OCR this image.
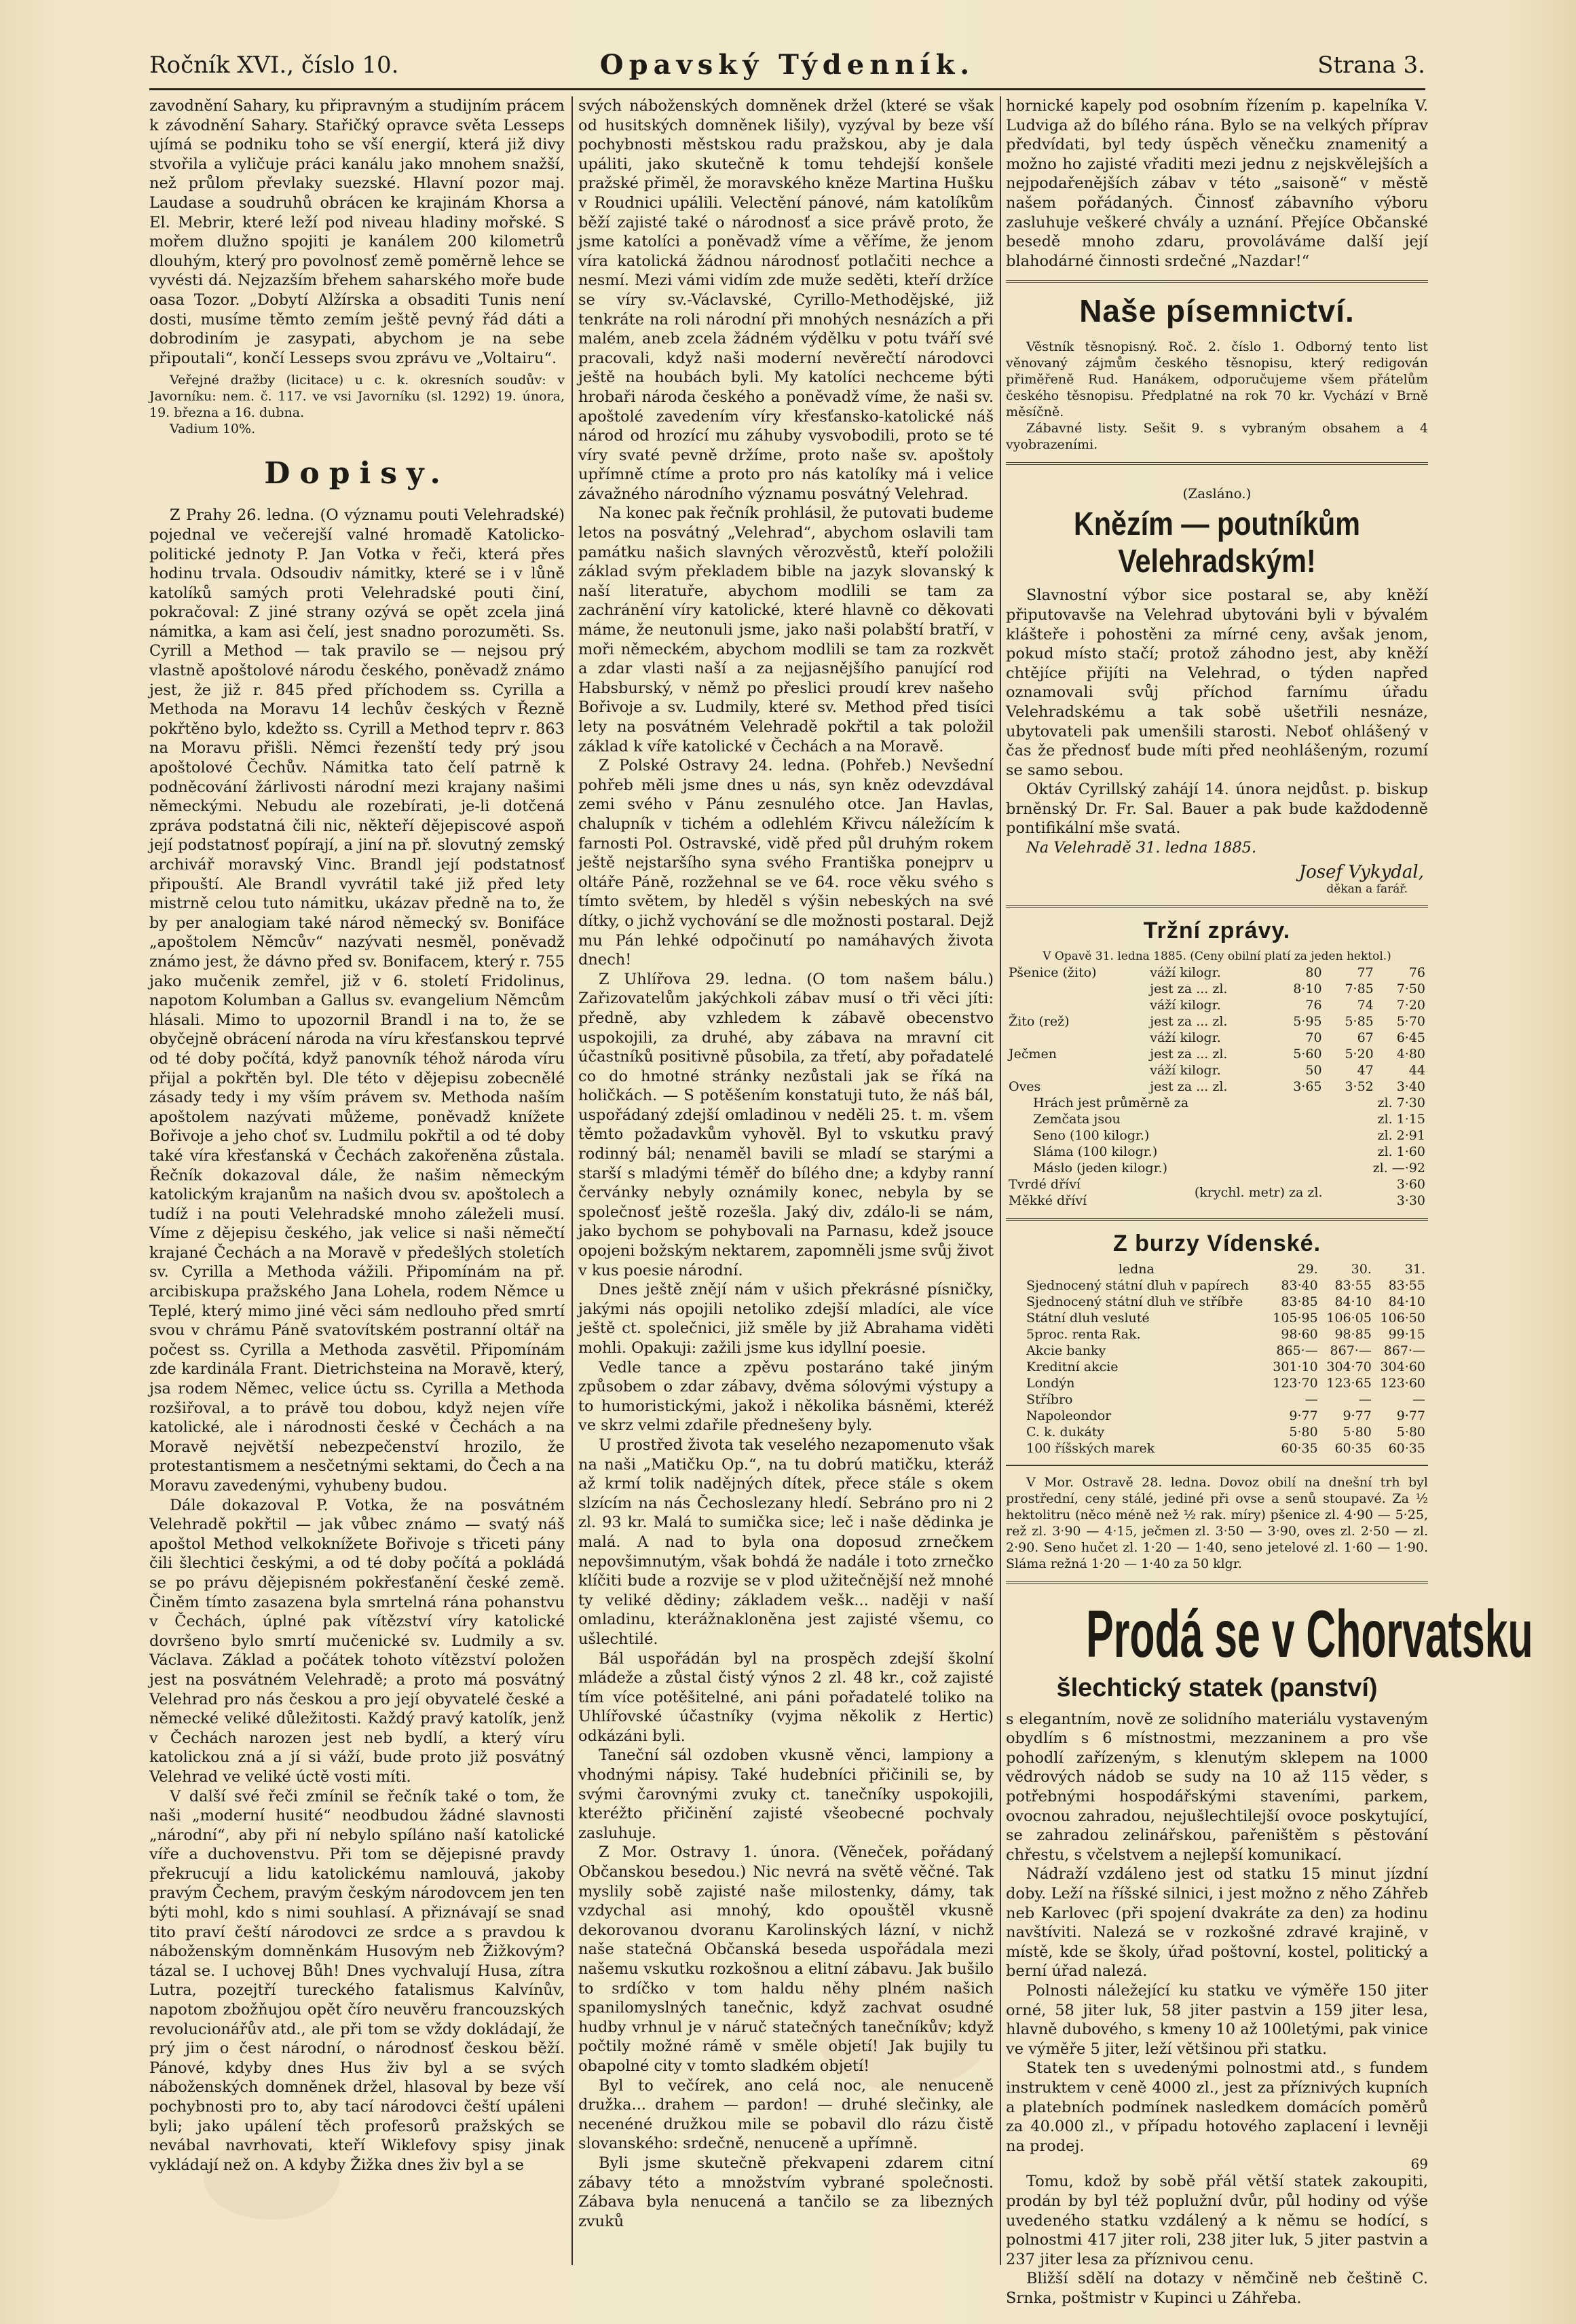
Ročník XVI., číslo 10.	Opavský Týdenník.	Strana 3.

zavodnění Sahary, ku připravným a studijním prácem k závodnění Sahary. Stařičký opravce světa Lesseps ujímá se podniku toho se vší energií, která již divy stvořila a vyličuje práci kanálu jako mnohem snažší, než průlom převlaky suezské. Hlavní pozor maj. Laudase a soudruhů obrácen ke krajinám Khorsa a El. Mebrir, které leží pod niveau hladiny mořské. S mořem dlužno spojiti je kanálem 200 kilometrů dlouhým, který pro povolnosť země poměrně lehce se vyvésti dá. Nejzazším břehem saharského moře bude oasa Tozor. „Dobytí Alžírska a obsaditi Tunis není dosti, musíme těmto zemím ještě pevný řád dáti a dobrodiním je zasypati, abychom je na sebe připoutali“, končí Lesseps svou zprávu ve „Voltairu“.

Veřejné dražby (licitace) u c. k. okresních soudův: v Javorníku: nem. č. 117. ve vsi Javorníku (sl. 1292) 19. února, 19. března a 16. dubna.

Vadium 10%.

Dopisy.

Z Prahy 26. ledna. (O významu pouti Velehradské) pojednal ve večerejší valné hromadě Katolicko-politické jednoty P. Jan Votka v řeči, která přes hodinu trvala. Odsoudiv námitky, které se i v lůně katolíků samých proti Velehradské pouti činí, pokračoval: Z jiné strany ozývá se opět zcela jiná námitka, a kam asi čelí, jest snadno porozuměti. Ss. Cyrill a Method — tak pravilo se — nejsou prý vlastně apoštolové národu českého, poněvadž známo jest, že již r. 845 před příchodem ss. Cyrilla a Methoda na Moravu 14 lechův českých v Řezně pokřtěno bylo, kdežto ss. Cyrill a Method teprv r. 863 na Moravu přišli. Němci řezenští tedy prý jsou apoštolové Čechův. Námitka tato čelí patrně k podněcování žárlivosti národní mezi krajany našimi německými. Nebudu ale rozebírati, je-li dotčená zpráva podstatná čili nic, někteří dějepiscové aspoň její podstatnosť popírají, a jiní na př. slovutný zemský archivář moravský Vinc. Brandl její podstatnosť připouští. Ale Brandl vyvrátil také již před lety mistrně celou tuto námitku, ukázav předně na to, že by per analogiam také národ německý sv. Bonifáce „apoštolem Němcův“ nazývati nesměl, poněvadž známo jest, že dávno před sv. Bonifacem, který r. 755 jako mučenik zemřel, již v 6. století Fridolinus, napotom Kolumban a Gallus sv. evangelium Němcům hlásali. Mimo to upozornil Brandl i na to, že se obyčejně obrácení národa na víru křesťanskou teprvé od té doby počítá, když panovník téhož národa víru přijal a pokřtěn byl. Dle této v dějepisu zobecnělé zásady tedy i my vším právem sv. Methoda naším apoštolem nazývati můžeme, poněvadž knížete Bořivoje a jeho choť sv. Ludmilu pokřtil a od té doby také víra křesťanská v Čechách zakořeněna zůstala. Řečník dokazoval dále, že našim německým katolickým krajanům na našich dvou sv. apoštolech a tudíž i na pouti Velehradské mnoho záleželi musí. Víme z dějepisu českého, jak velice si naši němečtí krajané Čechách a na Moravě v předešlých stoletích sv. Cyrilla a Methoda vážili. Připomínám na př. arcibiskupa pražského Jana Lohela, rodem Němce u Teplé, který mimo jiné věci sám nedlouho před smrtí svou v chrámu Páně svatovítském postranní oltář na počest ss. Cyrilla a Methoda zasvětil. Připomínám zde kardinála Frant. Dietrichsteina na Moravě, který, jsa rodem Němec, velice úctu ss. Cyrilla a Methoda rozšiřoval, a to právě tou dobou, když nejen víře katolické, ale i národnosti české v Čechách a na Moravě největší nebezpečenství hrozilo, že protestantismem a nesčetnými sektami, do Čech a na Moravu zavedenými, vyhubeny budou.

Dále dokazoval P. Votka, že na posvátném Velehradě pokřtil — jak vůbec známo — svatý náš apoštol Method velkoknížete Bořivoje s třiceti pány čili šlechtici českými, a od té doby počítá a pokládá se po právu dějepisném pokřesťanění české země. Činěm tímto zasazena byla smrtelná rána pohanstvu v Čechách, úplné pak vítězství víry katolické dovršeno bylo smrtí mučenické sv. Ludmily a sv. Václava. Základ a počátek tohoto vítězství položen jest na posvátném Velehradě; a proto má posvátný Velehrad pro nás českou a pro její obyvatelé české a německé veliké důležitosti. Každý pravý katolík, jenž v Čechách narozen jest neb bydlí, a který víru katolickou zná a jí si váží, bude proto již posvátný Velehrad ve veliké úctě vosti míti.

V další své řeči zmínil se řečník také o tom, že naši „moderní husité“ neodbudou žádné slavnosti „národní“, aby při ní nebylo spíláno naší katolické víře a duchovenstvu. Při tom se dějepisné pravdy překrucují a lidu katolickému namlouvá, jakoby pravým Čechem, pravým českým národovcem jen ten býti mohl, kdo s nimi souhlasí. A přiznávají se snad tito praví čeští národovci ze srdce a s pravdou k náboženským domněnkám Husovým neb Žižkovým? tázal se. I uchovej Bůh! Dnes vychvalují Husa, zítra Lutra, pozejtří tureckého fatalismus Kalvínův, napotom zbožňujou opět číro neuvěru francouzských revolucionářův atd., ale při tom se vždy dokládají, že prý jim o čest národní, o národnosť českou běží. Pánové, kdyby dnes Hus živ byl a se svých náboženských domněnek držel, hlasoval by beze vší pochybnosti pro to, aby tací národovci čeští upáleni byli; jako upálení těch profesorů pražských se nevábal navrhovati, kteří Wiklefovy spisy jinak vykládají než on. A kdyby Žižka dnes živ byl a se

svých náboženských domněnek držel (které se však od husitských domněnek lišily), vyzýval by beze vší pochybnosti městskou radu pražskou, aby je dala upáliti, jako skutečně k tomu tehdejší konšele pražské přiměl, že moravského kněze Martina Hušku v Roudnici upálili. Velectění pánové, nám katolíkům běží zajisté také o národnosť a sice právě proto, že jsme katolíci a poněvadž víme a věříme, že jenom víra katolická žádnou národnosť potlačiti nechce a nesmí. Mezi vámi vidím zde muže seděti, kteří držíce se víry sv.-Václavské, Cyrillo-Methodějské, již tenkráte na roli národní při mnohých nesnázích a při malém, aneb zcela žádném výdělku v potu tváří své pracovali, když naši moderní nevěrečtí národovci ještě na houbách byli. My katolíci nechceme býti hrobaři národa českého a poněvadž víme, že naši sv. apoštolé zavedením víry křesťansko-katolické náš národ od hrozící mu záhuby vysvobodili, proto se té víry svaté pevně držíme, proto naše sv. apoštoly upřímně ctíme a proto pro nás katolíky má i velice závažného národního významu posvátný Velehrad.

Na konec pak řečník prohlásil, že putovati budeme letos na posvátný „Velehrad“, abychom oslavili tam památku našich slavných věrozvěstů, kteří položili základ svým překladem bible na jazyk slovanský k naší literatuře, abychom modlili se tam za zachránění víry katolické, které hlavně co děkovati máme, že neutonuli jsme, jako naši polabští bratří, v moři německém, abychom modlili se tam za rozkvět a zdar vlasti naší a za nejjasnějšího panující rod Habsburský, v němž po přeslici proudí krev našeho Bořivoje a sv. Ludmily, které sv. Method před tisíci lety na posvátném Velehradě pokřtil a tak položil základ k víře katolické v Čechách a na Moravě.

Z Polské Ostravy 24. ledna. (Pohřeb.) Nevšední pohřeb měli jsme dnes u nás, syn kněz odevzdával zemi svého v Pánu zesnulého otce. Jan Havlas, chalupník v tichém a odlehlém Křivcu náležícím k farnosti Pol. Ostravské, vidě před půl druhým rokem ještě nejstaršího syna svého Františka ponejprv u oltáře Páně, rozžehnal se ve 64. roce věku svého s tímto světem, by hleděl s výšin nebeských na své dítky, o jichž vychování se dle možnosti postaral. Dejž mu Pán lehké odpočinutí po namáhavých života dnech!

Z Uhlířova 29. ledna. (O tom našem bálu.) Zařizovatelům jakýchkoli zábav musí o tři věci jíti: předně, aby vzhledem k zábavě obecenstvo uspokojili, za druhé, aby zábava na mravní cit účastníků positivně působila, za třetí, aby pořadatelé co do hmotné stránky nezůstali jak se říká na holičkách. — S potěšením konstatuji tuto, že náš bál, uspořádaný zdejší omladinou v neděli 25. t. m. všem těmto požadavkům vyhověl. Byl to vskutku pravý rodinný bál; nenaměl bavili se mladí se starými a starší s mladými téměř do bílého dne; a kdyby ranní červánky nebyly oznámily konec, nebyla by se společnosť ještě rozešla. Jaký div, zdálo-li se nám, jako bychom se pohybovali na Parnasu, kdež jsouce opojeni božským nektarem, zapomněli jsme svůj život v kus poesie národní.

Dnes ještě znějí nám v ušich překrásné písničky, jakými nás opojili netoliko zdejší mladíci, ale více ještě ct. společnici, již směle by již Abrahama viděti mohli. Opakuji: zažili jsme kus idyllní poesie.

Vedle tance a zpěvu postaráno také jiným způsobem o zdar zábavy, dvěma sólovými výstupy a to humoristickými, jakož i několika básněmi, kteréž ve skrz velmi zdařile přednešeny byly.

U prostřed života tak veselého nezapomenuto však na naši „Matičku Op.“, na tu dobrú matičku, kteráž až krmí tolik nadějných dítek, přece stále s okem slzícím na nás Čechoslezany hledí. Sebráno pro ni 2 zl. 93 kr. Malá to sumička sice; leč i naše dědinka je malá. A nad to byla ona doposud zrnečkem nepovšimnutým, však bohdá že nadále i toto zrnečko klíčiti bude a rozvije se v plod užitečnější než mnohé ty veliké dědiny; základem vešk... naději v naší omladinu, kterážnakloněna jest zajisté všemu, co ušlechtilé.

Bál uspořádán byl na prospěch zdejší školní mládeže a zůstal čistý výnos 2 zl. 48 kr., což zajisté tím více potěšitelné, ani páni pořadatelé toliko na Uhlířovské účastníky (vyjma několik z Hertic) odkázáni byli.

Taneční sál ozdoben vkusně věnci, lampiony a vhodnými nápisy. Také hudebníci přičinili se, by svými čarovnými zvuky ct. tanečníky uspokojili, kteréžto přičinění zajisté všeobecné pochvaly zasluhuje.

Z Mor. Ostravy 1. února. (Věneček, pořádaný Občanskou besedou.) Nic nevrá na světě věčné. Tak myslily sobě zajisté naše milostenky, dámy, tak vzdychal asi mnohý, kdo opouštěl vkusně dekorovanou dvoranu Karolinských lázní, v nichž naše statečná Občanská beseda uspořádala mezi našemu vskutku rozkošnou a elitní zábavu. Jak bušilo to srdíčko v tom haldu něhy plném našich spanilomyslných tanečnic, když zachvat osudné hudby vrhnul je v náruč statečných tanečníkův; když počtily možné rámě v směle objetí! Jak bujily tu obapolné city v tomto sladkém objetí!

Byl to večírek, ano celá noc, ale nenuceně družka... drahem — pardon! — druhé slečinky, ale necenéné družkou mile se pobavil dlo rázu čistě slovanského: srdečně, nenuceně a upřímně.

Byli jsme skutečně překvapeni zdarem citní zábavy této a množstvím vybrané společnosti. Zábava byla nenucená a tančilo se za libezných zvuků

hornické kapely pod osobním řízením p. kapelníka V. Ludviga až do bílého rána. Bylo se na velkých příprav předvídati, byl tedy úspěch věnečku znamenitý a možno ho zajisté vřaditi mezi jednu z nejskvělejších a nejpodařenějších zábav v této „saisoně“ v městě našem pořádaných. Činnosť zábavního výboru zasluhuje veškeré chvály a uznání. Přejíce Občanské besedě mnoho zdaru, provoláváme další její blahodárné činnosti srdečné „Nazdar!“

Naše písemnictví.

Věstník těsnopisný. Roč. 2. číslo 1. Odborný tento list věnovaný zájmům českého těsnopisu, který redigován přiměřeně Rud. Hanákem, odporučujeme všem přátelům českého těsnopisu. Předplatné na rok 70 kr. Vychází v Brně měsíčně.

Zábavné listy. Sešit 9. s vybraným obsahem a 4 vyobrazeními.

(Zasláno.)
Knězím — poutníkům Velehradským!

Slavnostní výbor sice postaral se, aby kněží připutovavše na Velehrad ubytováni byli v bývalém klášteře i pohostěni za mírné ceny, avšak jenom, pokud místo stačí; protož záhodno jest, aby kněží chtějíce přijíti na Velehrad, o týden napřed oznamovali svůj příchod farnímu úřadu Velehradskému a tak sobě ušetřili nesnáze, ubytovateli pak umenšili starosti. Neboť ohlášený v čas že přednosť bude míti před neohlášeným, rozumí se samo sebou.

Oktáv Cyrillský zahájí 14. února nejdůst. p. biskup brněnský Dr. Fr. Sal. Bauer a pak bude každodenně pontifikální mše svatá.

Na Velehradě 31. ledna 1885.

Josef Vykydal,
děkan a farář.
Tržní zprávy.
V Opavě 31. ledna 1885. (Ceny obilní platí za jeden hektol.)
Pšenice (žito)	váží kilogr.	80	77	76
	jest za ... zl.	8·10	7·85	7·50
	váží kilogr.	76	74	7·20
Žito (rež)	jest za ... zl.	5·95	5·85	5·70
	váží kilogr.	70	67	6·45
Ječmen	jest za ... zl.	5·60	5·20	4·80
	váží kilogr.	50	47	44
Oves	jest za ... zl.	3·65	3·52	3·40
Hrách jest průměrně za	zl. 7·30
Zemčata jsou	zl. 1·15
Seno (100 kilogr.)	zl. 2·91
Sláma (100 kilogr.)	zl. 1·60
Máslo (jeden kilogr.)	zl. —·92
Tvrdé dříví	(krychl. metr) za zl.	3·60
Měkké dříví		3·30
Z burzy Vídenské.
ledna	29.	30.	31.
Sjednocený státní dluh v papírech	83·40	83·55	83·55
Sjednocený státní dluh ve stříbře	83·85	84·10	84·10
Státní dluh vesluté	105·95	106·05	106·50
5proc. renta Rak.	98·60	98·85	99·15
Akcie banky	865·—	867·—	867·—
Kreditní akcie	301·10	304·70	304·60
Londýn	123·70	123·65	123·60
Stříbro	—	—	—
Napoleondor	9·77	9·77	9·77
C. k. dukáty	5·80	5·80	5·80
100 říšských marek	60·35	60·35	60·35

V Mor. Ostravě 28. ledna. Dovoz obilí na dnešní trh byl prostřední, ceny stálé, jediné při ovse a senů stoupavé. Za ½ hektolitru (něco méně než ½ rak. míry) pšenice zl. 4·90 — 5·25, rež zl. 3·90 — 4·15, ječmen zl. 3·50 — 3·90, oves zl. 2·50 — zl. 2·90. Seno hučet zl. 1·20 — 1·40, seno jetelové zl. 1·60 — 1·90. Sláma režná 1·20 — 1·40 za 50 klgr.

Prodá se v Chorvatsku
šlechtický statek (panství)

s elegantním, nově ze solidního materiálu vystaveným obydlím s 6 místnostmi, mezzaninem a pro vše pohodlí zařízeným, s klenutým sklepem na 1000 vědrových nádob se sudy na 10 až 115 věder, s potřebnými hospodářskými staveními, parkem, ovocnou zahradou, nejušlechtilejší ovoce poskytující, se zahradou zelinářskou, pařeništěm s pěstování chřestu, s včelstvem a nejlepší komunikací.

Nádraží vzdáleno jest od statku 15 minut jízdní doby. Leží na říšské silnici, i jest možno z něho Záhřeb neb Karlovec (při spojení dvakráte za den) za hodinu navštíviti. Nalezá se v rozkošné zdravé krajině, v místě, kde se školy, úřad poštovní, kostel, politický a berní úřad nalezá.

Polnosti náležející ku statku ve výměře 150 jiter orné, 58 jiter luk, 58 jiter pastvin a 159 jiter lesa, hlavně dubového, s kmeny 10 až 100letými, pak vinice ve výměře 5 jiter, leží většinou při statku.

Statek ten s uvedenými polnostmi atd., s fundem instruktem v ceně 4000 zl., jest za příznivých kupních a platebních podmínek nasledkem domácích poměrů za 40.000 zl., v případu hotového zaplacení i levněji na prodej.

69

Tomu, kdož by sobě přál větší statek zakoupiti, prodán by byl též poplužní dvůr, půl hodiny od výše uvedeného statku vzdálený a k němu se hodící, s polnostmi 417 jiter roli, 238 jiter luk, 5 jiter pastvin a 237 jiter lesa za příznivou cenu.

Bližší sdělí na dotazy v němčině neb češtině C. Srnka, poštmistr v Kupinci u Záhřeba.
